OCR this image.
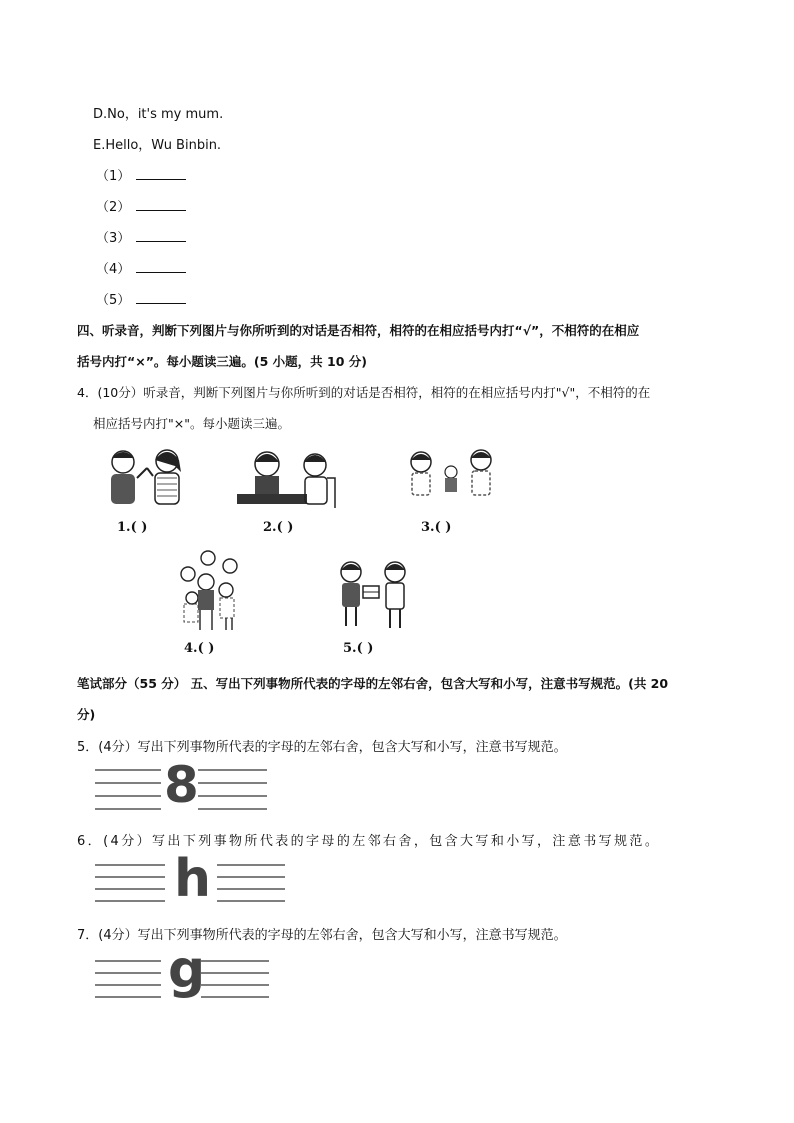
D.No，it's my mum.
E.Hello，Wu Binbin.
（1）
（2）
（3）
（4）
（5）
四、听录音，判断下列图片与你所听到的对话是否相符，相符的在相应括号内打“√”，不相符的在相应
括号内打“×”。每小题读三遍。(5 小题，共 10 分)
4．(10分）听录音，判断下列图片与你所听到的对话是否相符，相符的在相应括号内打"√"，不相符的在
相应括号内打"×"。每小题读三遍。
1.( )	2.( )	3.( )
4.( )	5.( )
笔试部分（55 分） 五、写出下列事物所代表的字母的左邻右舍，包含大写和小写，注意书写规范。(共 20
分)
5．(4分）写出下列事物所代表的字母的左邻右舍，包含大写和小写，注意书写规范。
8
6．(4分）写出下列事物所代表的字母的左邻右舍，包含大写和小写，注意书写规范。
h
7．(4分）写出下列事物所代表的字母的左邻右舍，包含大写和小写，注意书写规范。
g
